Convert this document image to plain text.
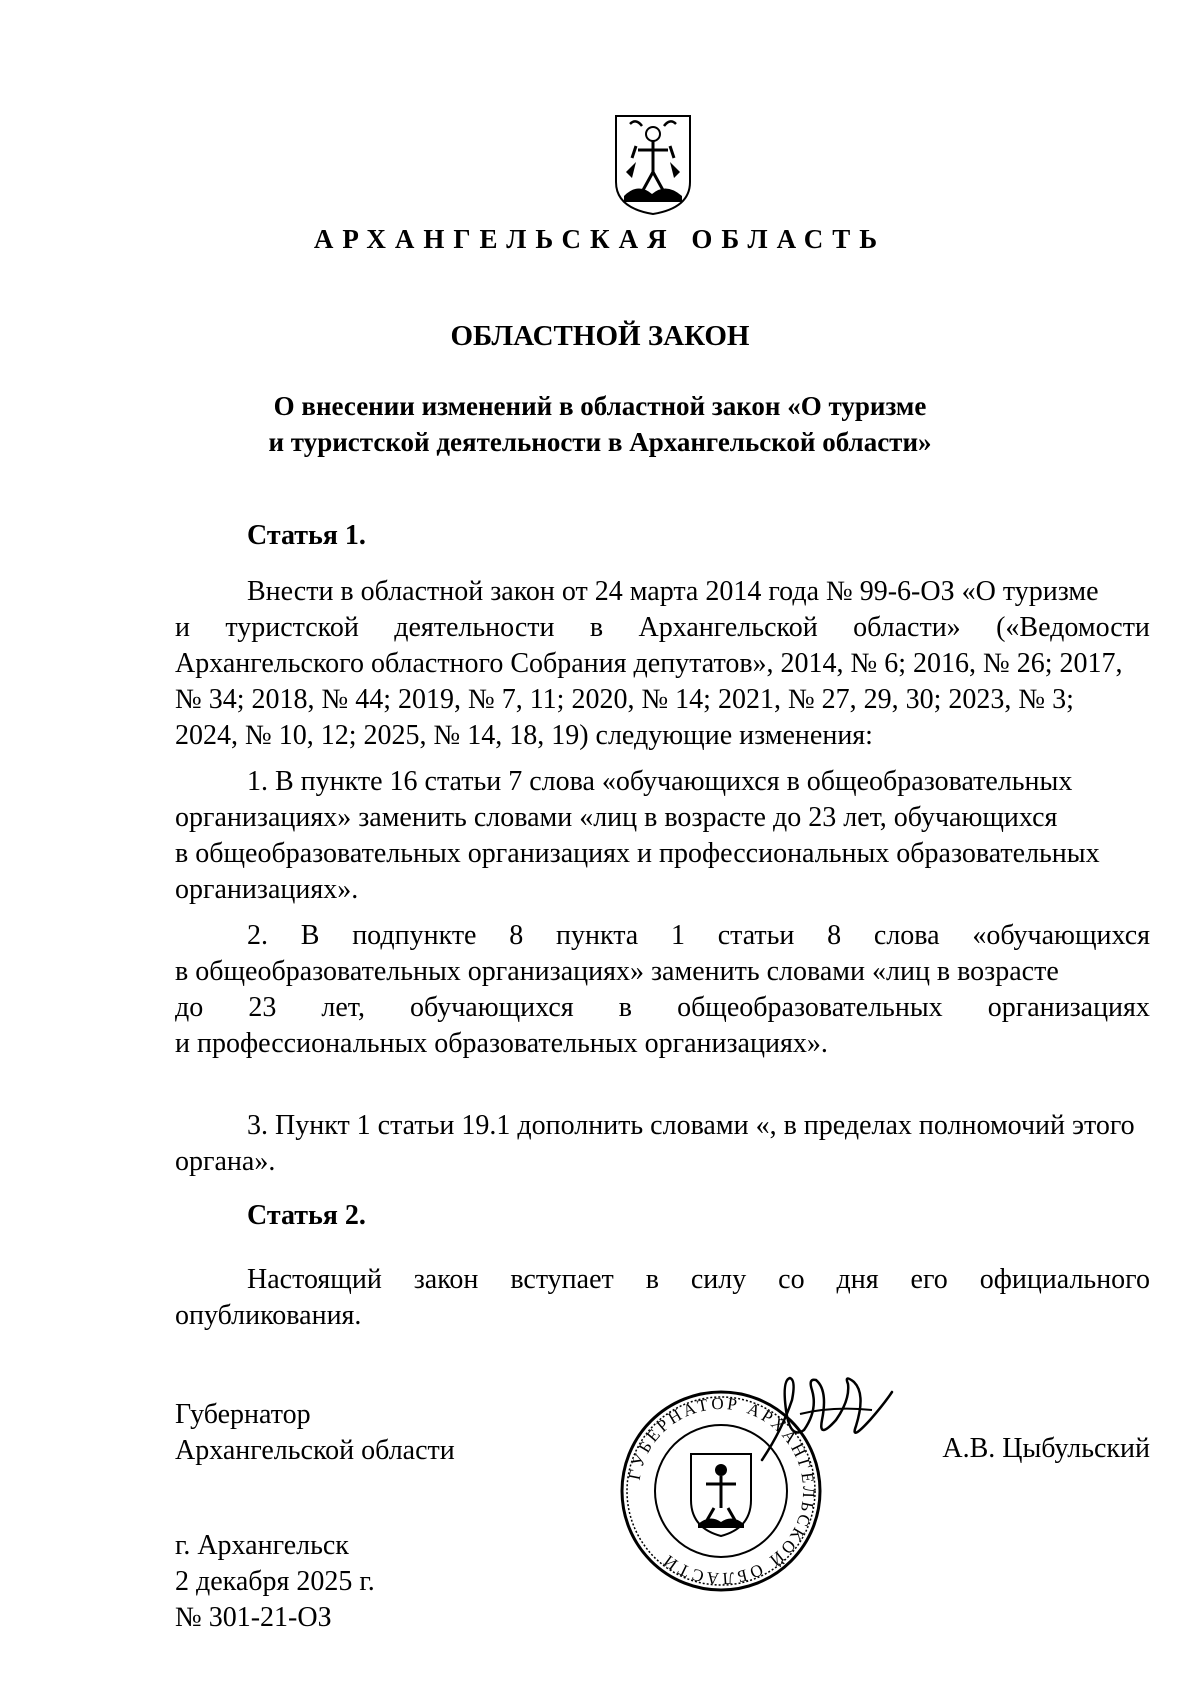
АРХАНГЕЛЬСКАЯ ОБЛАСТЬ
ОБЛАСТНОЙ ЗАКОН
О внесении изменений в областной закон «О туризме
и туристской деятельности в Архангельской области»
Статья 1.
Внести в областной закон от 24 марта 2014 года № 99-6-ОЗ «О туризме
и туристской деятельности в Архангельской области» («Ведомости
Архангельского областного Собрания депутатов», 2014, № 6; 2016, № 26; 2017,
№ 34; 2018, № 44; 2019, № 7, 11; 2020, № 14; 2021, № 27, 29, 30; 2023, № 3;
2024, № 10, 12; 2025, № 14, 18, 19) следующие изменения:
1. В пункте 16 статьи 7 слова «обучающихся в общеобразовательных
организациях» заменить словами «лиц в возрасте до 23 лет, обучающихся
в общеобразовательных организациях и профессиональных образовательных
организациях».
2. В подпункте 8 пункта 1 статьи 8 слова «обучающихся
в общеобразовательных организациях» заменить словами «лиц в возрасте
до 23 лет, обучающихся в общеобразовательных организациях
и профессиональных образовательных организациях».
3. Пункт 1 статьи 19.1 дополнить словами «, в пределах полномочий этого
органа».
Статья 2.
Настоящий закон вступает в силу со дня его официального
опубликования.
Губернатор
Архангельской области
ГУБЕРНАТОР АРХАНГЕЛЬСКОЙ ОБЛАСТИ
А.В. Цыбульский
г. Архангельск
2 декабря 2025 г.
№ 301-21-ОЗ
